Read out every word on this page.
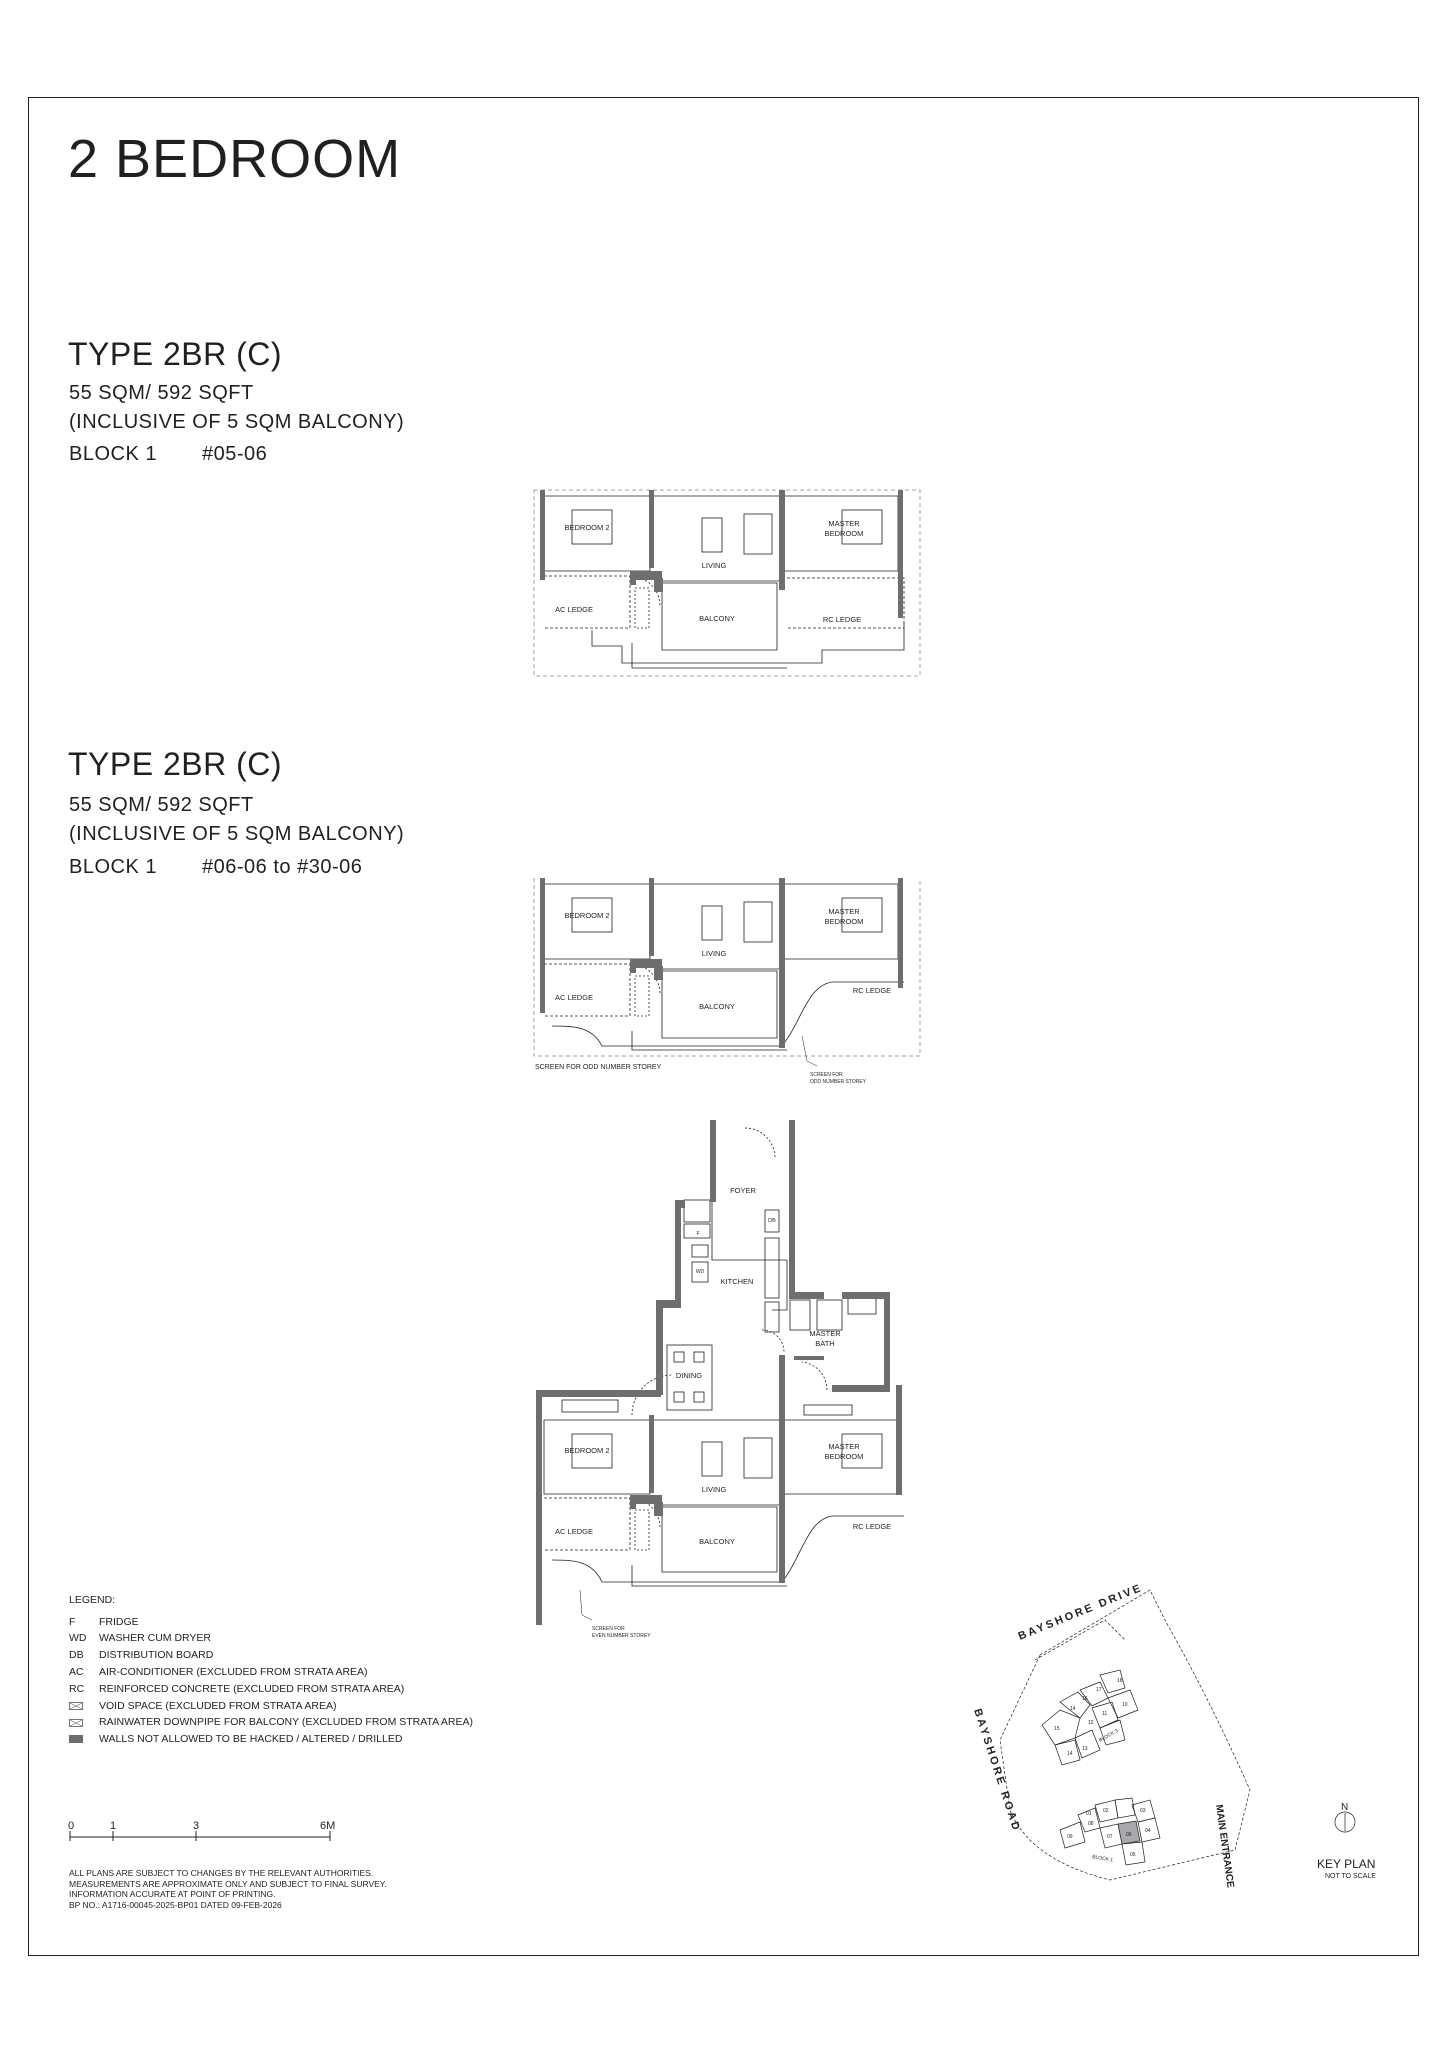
2 BEDROOM
TYPE 2BR (C)
55 SQM/ 592 SQFT
(INCLUSIVE OF 5 SQM BALCONY)
BLOCK 1 #05-06
TYPE 2BR (C)
55 SQM/ 592 SQFT
(INCLUSIVE OF 5 SQM BALCONY)
BLOCK 1 #06-06 to #30-06
BEDROOM 2	MASTER
BEDROOM
LIVING
BALCONY
AC LEDGE
RC LEDGE
BEDROOM 2	MASTER
BEDROOM
LIVING
BALCONY
AC LEDGE
RC LEDGE
SCREEN FOR ODD NUMBER STOREY
SCREEN FOR
ODD NUMBER STOREY
FOYER
DB
F
KITCHEN
WD
MASTER
BATH
DINING
BEDROOM 2	MASTER
BEDROOM
LIVING
BALCONY
AC LEDGE
RC LEDGE
SCREEN FOR
EVEN NUMBER STOREY
LEGEND:
F	FRIDGE
WD	WASHER CUM DRYER
DB	DISTRIBUTION BOARD
AC	AIR-CONDITIONER (EXCLUDED FROM STRATA AREA)
RC	REINFORCED CONCRETE (EXCLUDED FROM STRATA AREA)
VOID SPACE (EXCLUDED FROM STRATA AREA)
RAINWATER DOWNPIPE FOR BALCONY (EXCLUDED FROM STRATA AREA)
WALLS NOT ALLOWED TO BE HACKED / ALTERED / DRILLED
0	1	3	6M
ALL PLANS ARE SUBJECT TO CHANGES BY THE RELEVANT AUTHORITIES.
MEASUREMENTS ARE APPROXIMATE ONLY AND SUBJECT TO FINAL SURVEY.
INFORMATION ACCURATE AT POINT OF PRINTING.
BP NO.: A1716-00045-2025-BP01 DATED 09-FEB-2026
BAYSHORE DRIVE
BAYSHORE ROAD
MAIN ENTRANCE
BLOCK 3
BLOCK 1
18
17
16
14
15
11
10
12
14
13
01 02	03
09
08
07	06
04
05
N
KEY PLAN
NOT TO SCALE
